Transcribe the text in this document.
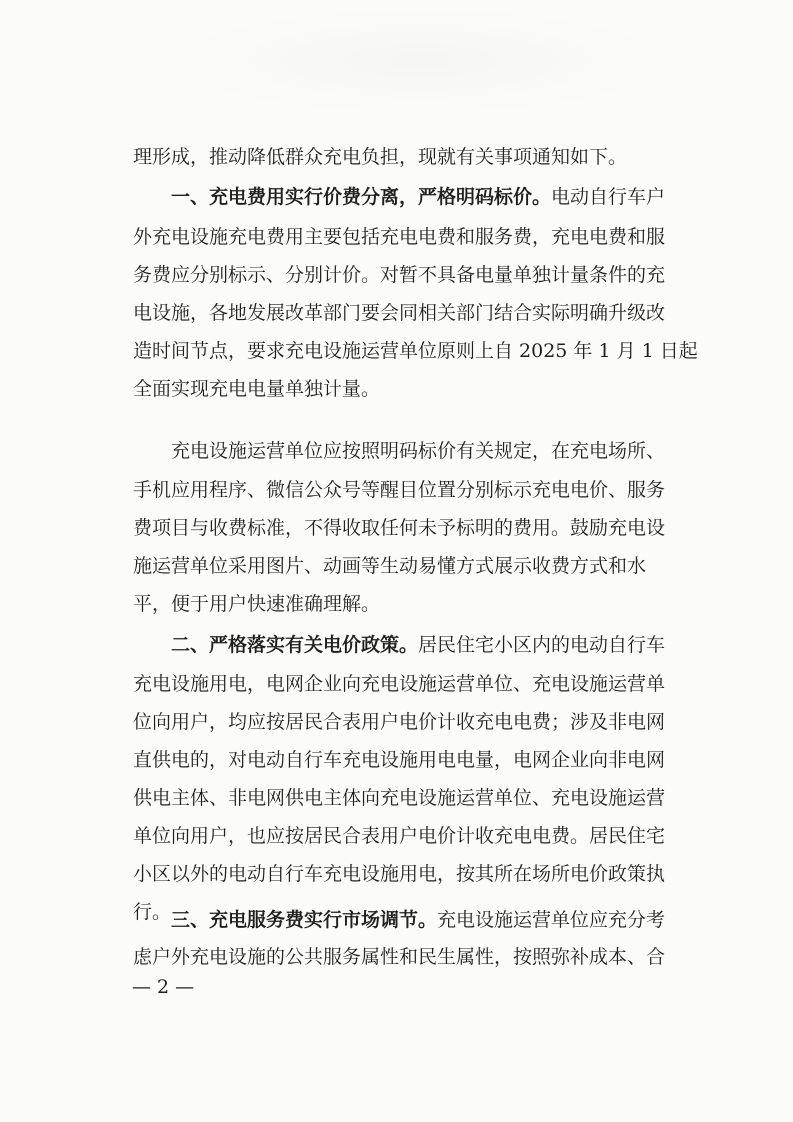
理形成，推动降低群众充电负担，现就有关事项通知如下。
一、充电费用实行价费分离，严格明码标价。电动自行车户
外充电设施充电费用主要包括充电电费和服务费，充电电费和服
务费应分别标示、分别计价。对暂不具备电量单独计量条件的充
电设施，各地发展改革部门要会同相关部门结合实际明确升级改
造时间节点，要求充电设施运营单位原则上自 2025 年 1 月 1 日起
全面实现充电电量单独计量。
充电设施运营单位应按照明码标价有关规定，在充电场所、
手机应用程序、微信公众号等醒目位置分别标示充电电价、服务
费项目与收费标准，不得收取任何未予标明的费用。鼓励充电设
施运营单位采用图片、动画等生动易懂方式展示收费方式和水
平，便于用户快速准确理解。
二、严格落实有关电价政策。居民住宅小区内的电动自行车
充电设施用电，电网企业向充电设施运营单位、充电设施运营单
位向用户，均应按居民合表用户电价计收充电电费；涉及非电网
直供电的，对电动自行车充电设施用电电量，电网企业向非电网
供电主体、非电网供电主体向充电设施运营单位、充电设施运营
单位向用户，也应按居民合表用户电价计收充电电费。居民住宅
小区以外的电动自行车充电设施用电，按其所在场所电价政策执
行。 三、充电服务费实行市场调节。充电设施运营单位应充分考
虑户外充电设施的公共服务属性和民生属性，按照弥补成本、合
— 2 —
